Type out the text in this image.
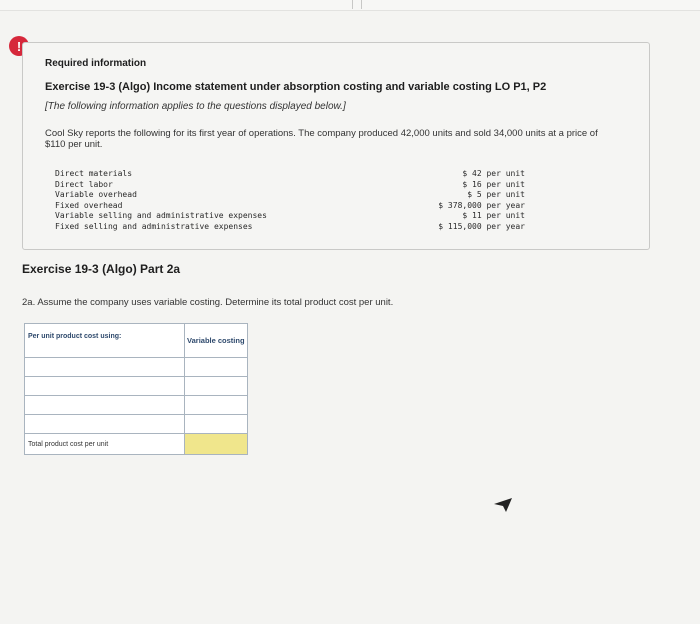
!
Required information
Exercise 19-3 (Algo) Income statement under absorption costing and variable costing LO P1, P2
[The following information applies to the questions displayed below.]
Cool Sky reports the following for its first year of operations. The company produced 42,000 units and sold 34,000 units at a price of $110 per unit.
Direct materials	$ 42 per unit
Direct labor	$ 16 per unit
Variable overhead	$ 5 per unit
Fixed overhead	$ 378,000 per year
Variable selling and administrative expenses	$ 11 per unit
Fixed selling and administrative expenses	$ 115,000 per year
Exercise 19-3 (Algo) Part 2a
2a. Assume the company uses variable costing. Determine its total product cost per unit.
Per unit product cost using:	Variable costing

Total product cost per unit	
